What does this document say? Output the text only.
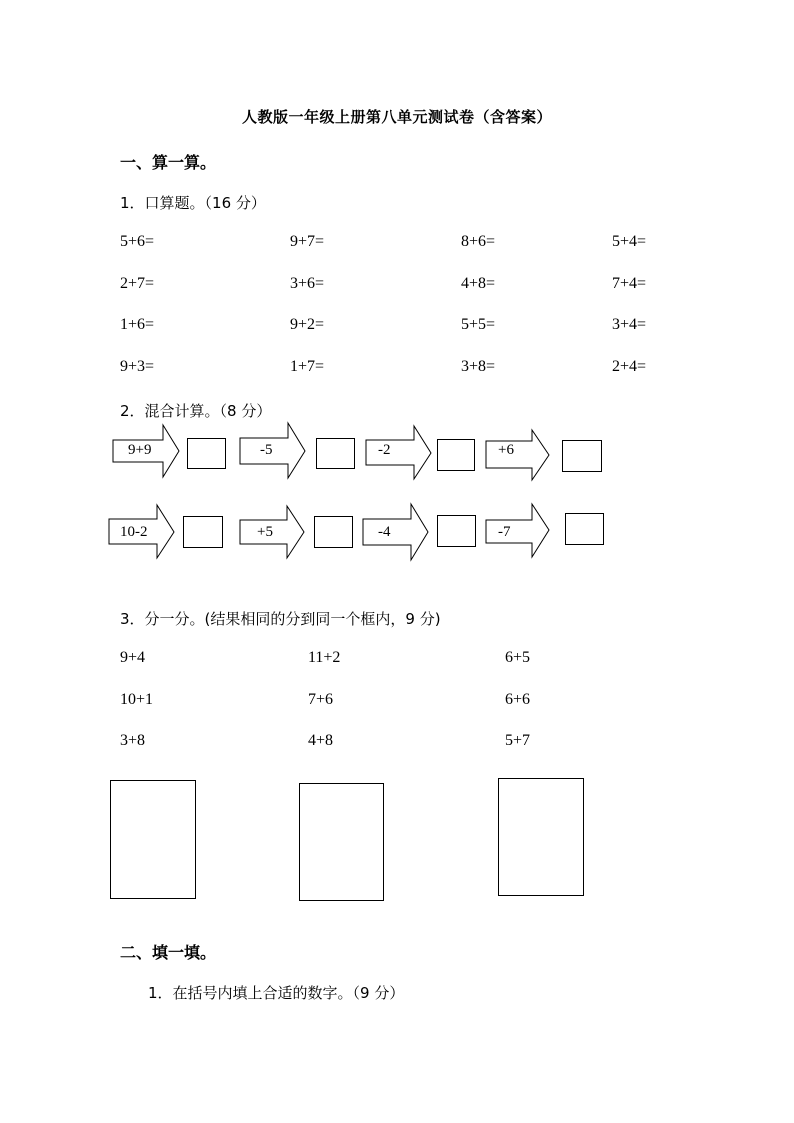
人教版一年级上册第八单元测试卷（含答案）
一、算一算。
1．口算题。（16 分）
5+6=	9+7=	8+6=	5+4=
2+7=	3+6=	4+8=	7+4=
1+6=	9+2=	5+5=	3+4=
9+3=	1+7=	3+8=	2+4=
2．混合计算。（8 分）
9+9	-5	-2	+6
10-2	+5	-4	-7
3．分一分。(结果相同的分到同一个框内，9 分)
9+4	11+2	6+5
10+1	7+6	6+6
3+8	4+8	5+7
二、填一填。
1．在括号内填上合适的数字。（9 分）
